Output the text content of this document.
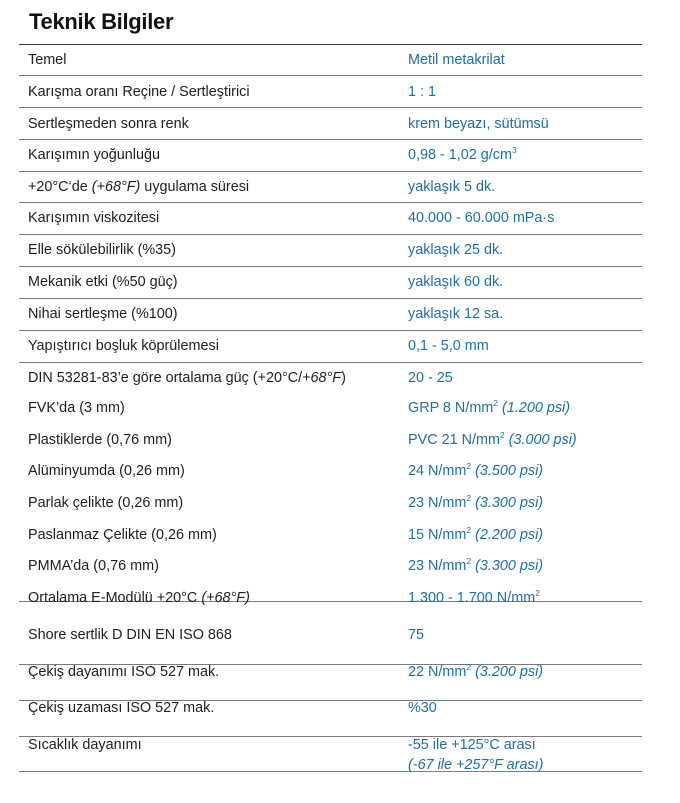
Teknik Bilgiler
Temel	Metil metakrilat
Karışma oranı Reçine / Sertleştirici	1 : 1
Sertleşmeden sonra renk	krem beyazı, sütümsü
Karışımın yoğunluğu	0,98 - 1,02 $g/cm^3$
+20°C‘de (+68°F) uygulama süresi	yaklaşık 5 dk.
Karışımın viskozitesi	40.000 - 60.000 mPa·s
Elle sökülebilirlik (%35)	yaklaşık 25 dk.
Mekanik etki (%50 güç)	yaklaşık 60 dk.
Nihai sertleşme (%100)	yaklaşık 12 sa.
Yapıştırıcı boşluk köprülemesi	0,1 - 5,0 mm
DIN 53281-83’e göre ortalama güç (+20°C/+68°F)	20 - 25
FVK’da (3 mm)	GRP 8 $N/mm^2$ (1.200 psi)
Plastiklerde (0,76 mm)	PVC 21 $N/mm^2$ (3.000 psi)
Alüminyumda (0,26 mm)	24 $N/mm^2$ (3.500 psi)
Parlak çelikte (0,26 mm)	23 $N/mm^2$ (3.300 psi)
Paslanmaz Çelikte (0,26 mm)	15 $N/mm^2$ (2.200 psi)
PMMA’da (0,76 mm)	23 $N/mm^2$ (3.300 psi)
Ortalama E-Modülü +20°C (+68°F)	1.300 - 1.700 $N/mm^2$
Shore sertlik D DIN EN ISO 868	75
Çekiş dayanımı ISO 527 mak.	22 $N/mm^2$ (3.200 psi)
Çekiş uzaması ISO 527 mak.	%30
Sıcaklık dayanımı	-55 ile +125°C arası
(-67 ile +257°F arası)
